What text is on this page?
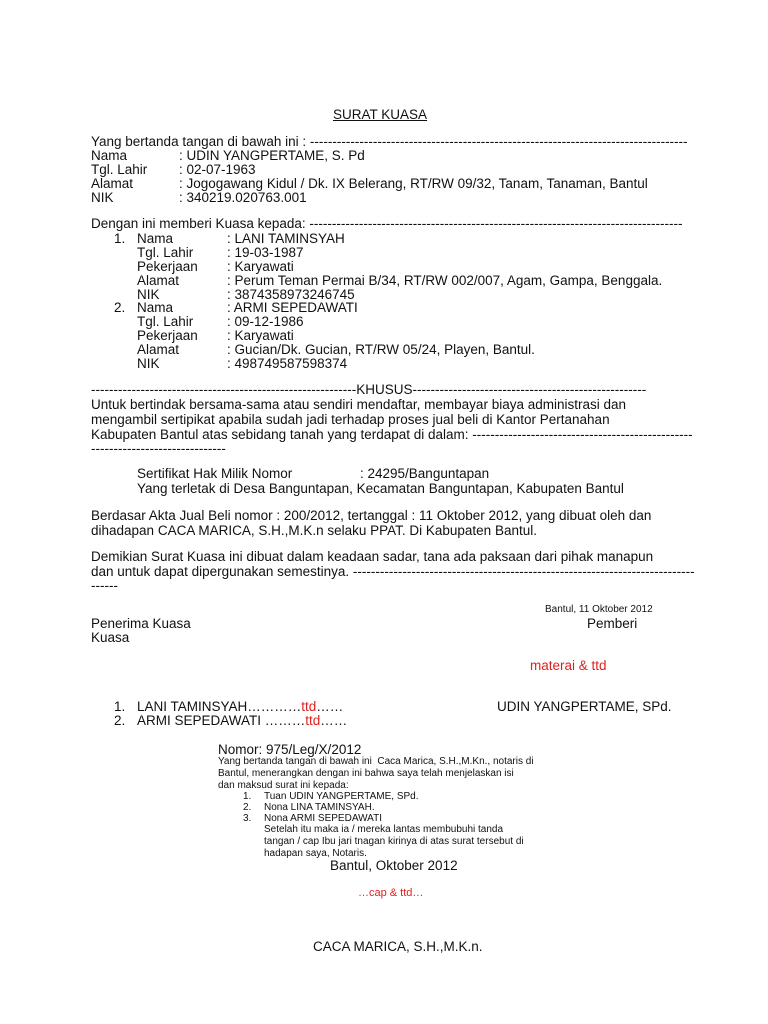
SURAT KUASA
Yang bertanda tangan di bawah ini : ------------------------------------------------------------------------------------
Nama	: UDIN YANGPERTAME, S. Pd
Tgl. Lahir : 02-07-1963
Alamat	: Jogogawang Kidul / Dk. IX Belerang, RT/RW 09/32, Tanam, Tanaman, Bantul
NIK	: 340219.020763.001
Dengan ini memberi Kuasa kepada: -----------------------------------------------------------------------------------
1. Nama	: LANI TAMINSYAH
Tgl. Lahir : 19-03-1987
Pekerjaan : Karyawati
Alamat	: Perum Teman Permai B/34, RT/RW 002/007, Agam, Gampa, Benggala.
NIK	: 3874358973246745
2. Nama	: ARMI SEPEDAWATI
Tgl. Lahir : 09-12-1986
Pekerjaan : Karyawati
Alamat	: Gucian/Dk. Gucian, RT/RW 05/24, Playen, Bantul.
NIK	: 498749587598374
-----------------------------------------------------------KHUSUS----------------------------------------------------
Untuk bertindak bersama-sama atau sendiri mendaftar, membayar biaya administrasi dan
mengambil sertipikat apabila sudah jadi terhadap proses jual beli di Kantor Pertanahan
Kabupaten Bantul atas sebidang tanah yang terdapat di dalam: -------------------------------------------------
------------------------------
Sertifikat Hak Milik Nomor	: 24295/Banguntapan
Yang terletak di Desa Banguntapan, Kecamatan Banguntapan, Kabupaten Bantul
Berdasar Akta Jual Beli nomor : 200/2012, tertanggal : 11 Oktober 2012, yang dibuat oleh dan
dihadapan CACA MARICA, S.H.,M.K.n selaku PPAT. Di Kabupaten Bantul.
Demikian Surat Kuasa ini dibuat dalam keadaan sadar, tana ada paksaan dari pihak manapun
dan untuk dapat dipergunakan semestinya. ----------------------------------------------------------------------------
------
Bantul, 11 Oktober 2012
Penerima Kuasa
Kuasa
Pemberi
materai & ttd
1. LANI TAMINSYAH…………ttd……
2. ARMI SEPEDAWATI ………ttd……
UDIN YANGPERTAME, SPd.
Nomor: 975/Leg/X/2012
Yang bertanda tangan di bawah ini  Caca Marica, S.H.,M.Kn., notaris di
Bantul, menerangkan dengan ini bahwa saya telah menjelaskan isi
dan maksud surat ini kepada:
1. Tuan UDIN YANGPERTAME, SPd.
2. Nona LINA TAMINSYAH.
3. Nona ARMI SEPEDAWATI
Setelah itu maka ia / mereka lantas membubuhi tanda
tangan / cap Ibu jari tnagan kirinya di atas surat tersebut di
hadapan saya, Notaris.
Bantul, Oktober 2012
…cap & ttd…
CACA MARICA, S.H.,M.K.n.
